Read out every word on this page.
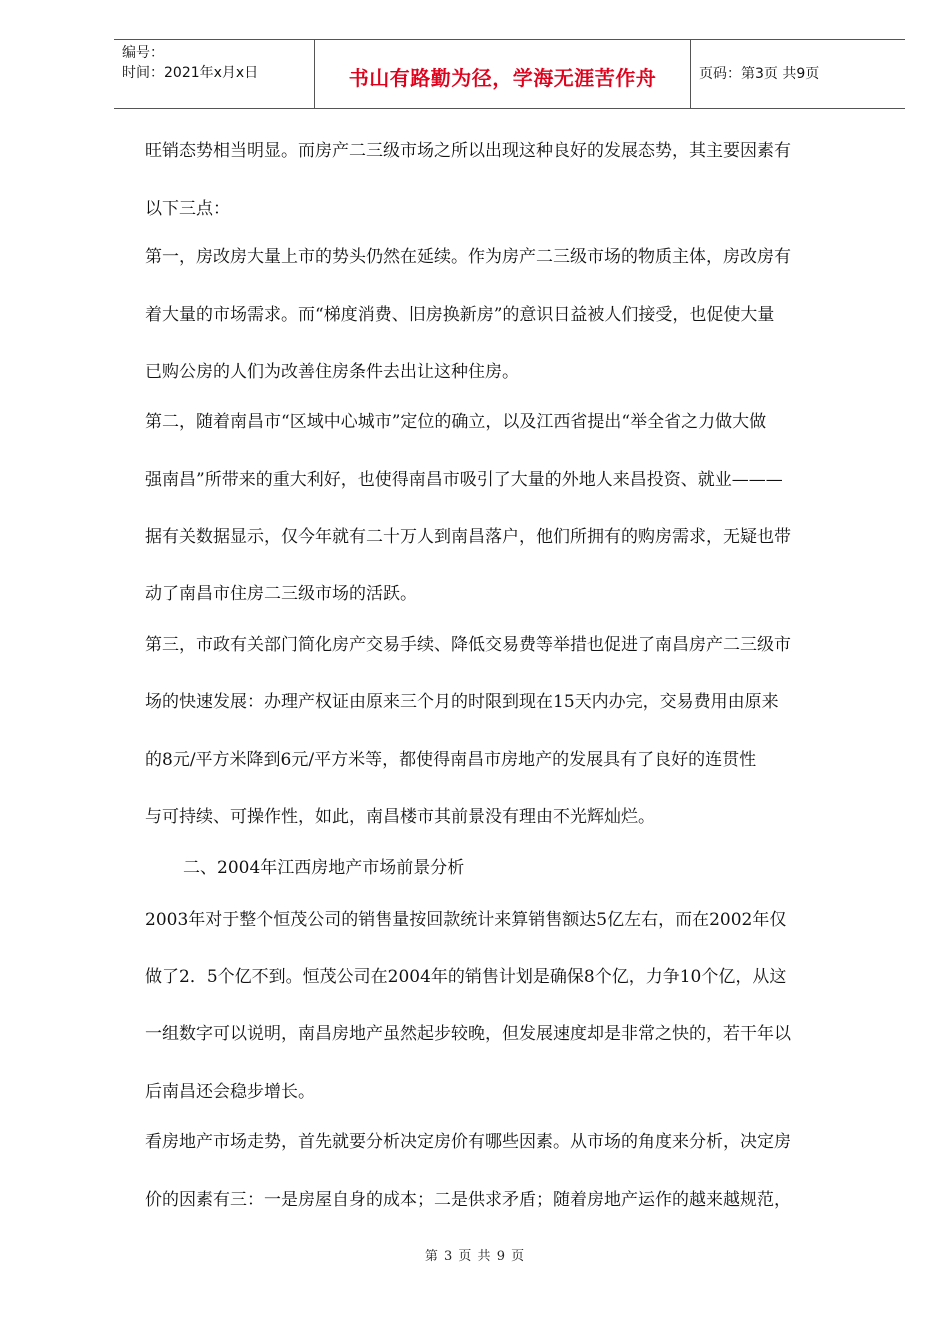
编号：
时间：2021年x月x日	书山有路勤为径，学海无涯苦作舟	页码：第3页 共9页
旺销态势相当明显。而房产二三级市场之所以出现这种良好的发展态势，其主要因素有
以下三点：
第一，房改房大量上市的势头仍然在延续。作为房产二三级市场的物质主体，房改房有
着大量的市场需求。而“梯度消费、旧房换新房”的意识日益被人们接受，也促使大量
已购公房的人们为改善住房条件去出让这种住房。
第二，随着南昌市“区域中心城市”定位的确立，以及江西省提出“举全省之力做大做
强南昌”所带来的重大利好，也使得南昌市吸引了大量的外地人来昌投资、就业———
据有关数据显示，仅今年就有二十万人到南昌落户，他们所拥有的购房需求，无疑也带
动了南昌市住房二三级市场的活跃。
第三，市政有关部门简化房产交易手续、降低交易费等举措也促进了南昌房产二三级市
场的快速发展：办理产权证由原来三个月的时限到现在15天内办完，交易费用由原来
的8元/平方米降到6元/平方米等，都使得南昌市房地产的发展具有了良好的连贯性
与可持续、可操作性，如此，南昌楼市其前景没有理由不光辉灿烂。
二、2004年江西房地产市场前景分析
2003年对于整个恒茂公司的销售量按回款统计来算销售额达5亿左右，而在2002年仅
做了2．5个亿不到。恒茂公司在2004年的销售计划是确保8个亿，力争10个亿，从这
一组数字可以说明，南昌房地产虽然起步较晚，但发展速度却是非常之快的，若干年以
后南昌还会稳步增长。
看房地产市场走势，首先就要分析决定房价有哪些因素。从市场的角度来分析，决定房
价的因素有三：一是房屋自身的成本；二是供求矛盾；随着房地产运作的越来越规范，
第 3 页 共 9 页
